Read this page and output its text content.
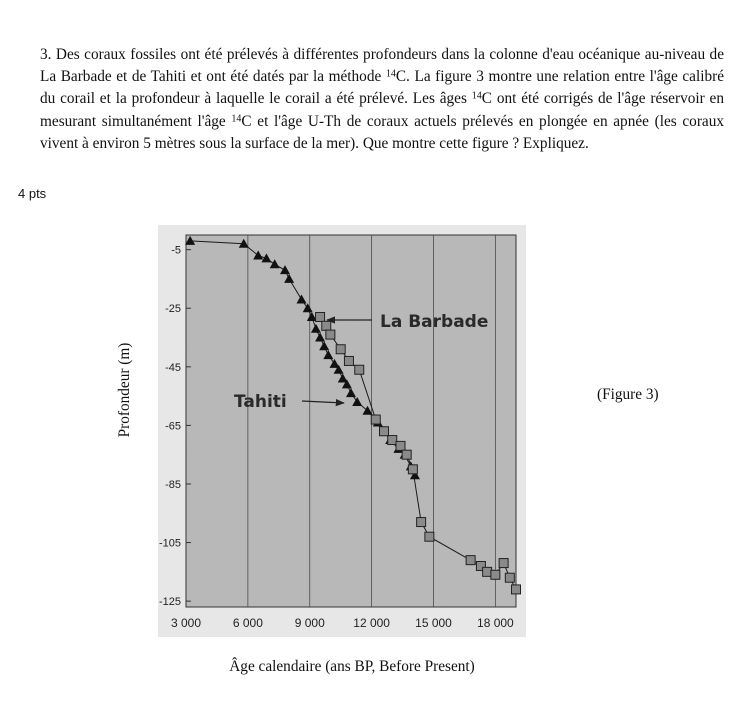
3. Des coraux fossiles ont été prélevés à différentes profondeurs dans la colonne d'eau océanique au-niveau de La Barbade et de Tahiti et ont été datés par la méthode $^{14}$C. La figure 3 montre une relation entre l'âge calibré du corail et la profondeur à laquelle le corail a été prélevé. Les âges $^{14}$C ont été corrigés de l'âge réservoir en mesurant simultanément l'âge $^{14}$C et l'âge U-Th de coraux actuels prélevés en plongée en apnée (les coraux vivent à environ 5 mètres sous la surface de la mer). Que montre cette figure ? Expliquez.
4 pts
Profondeur (m)	(Figure 3)
Âge calendaire (ans BP, Before Present)
3 000	6 000	9 000 12 000 15 000 18 000
-5
-25
-45
-65
-85
-105
-125
La Barbade
Tahiti
